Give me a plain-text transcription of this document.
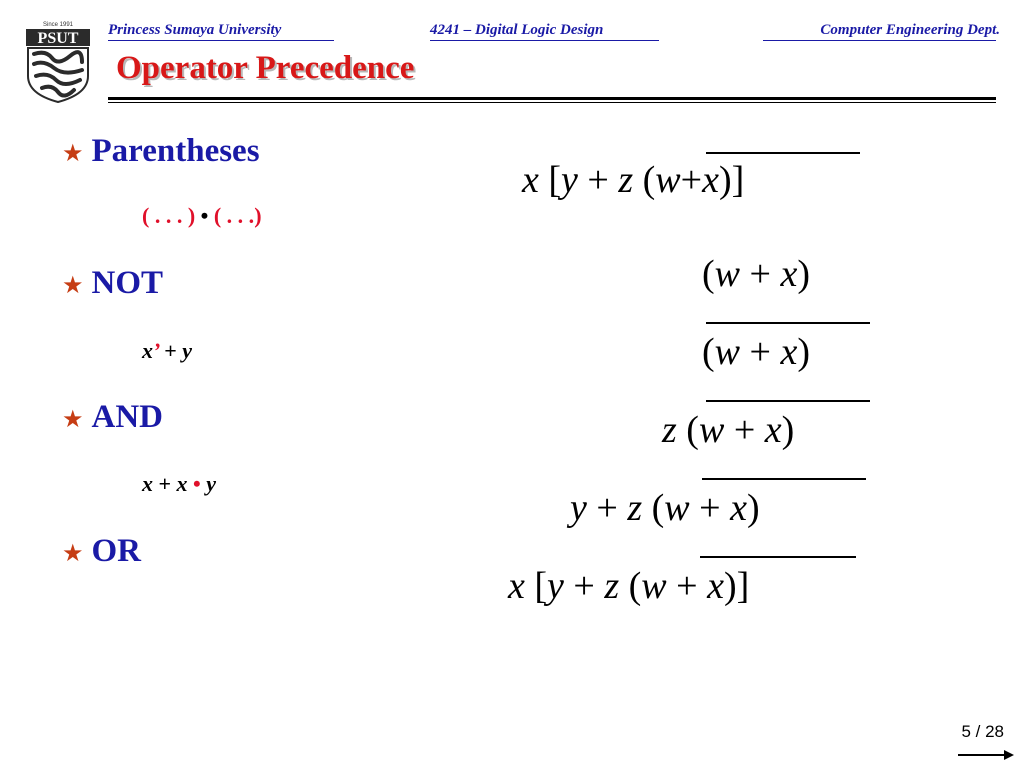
Since 1991
PSUT Princess Sumaya University	4241 – Digital Logic Design	Computer Engineering Dept.
Operator Precedence
★ Parentheses
( . . . ) • ( . . .)
★ NOT
x’ + y
★ AND
x + x • y
★ OR
x [y + z (w+x)]
(w + x)
(w + x)
z (w + x)
y + z (w + x)
x [y + z (w + x)]
5 / 28
